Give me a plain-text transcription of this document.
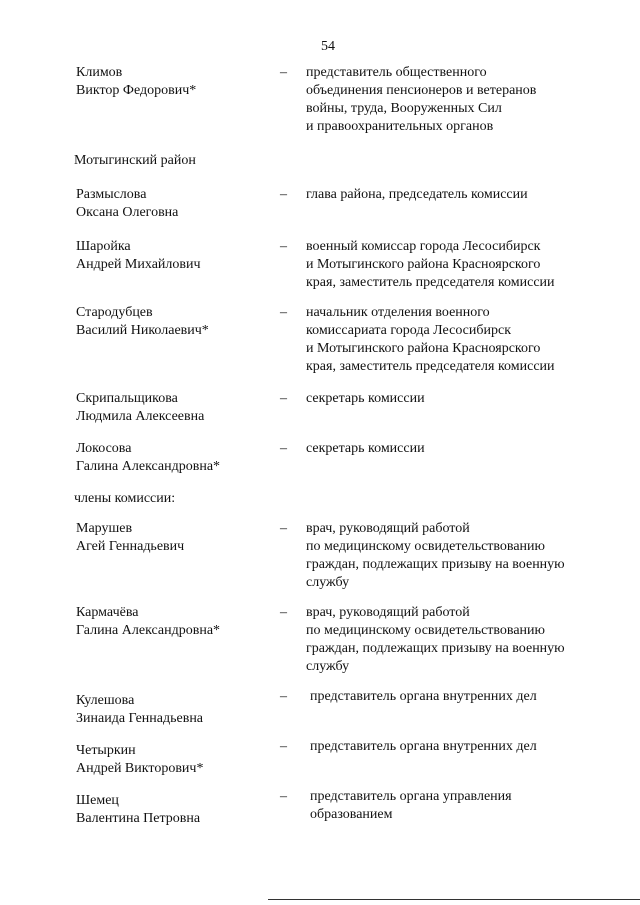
54
Климов
Виктор Федорович*
– представитель общественного
объединения пенсионеров и ветеранов
войны, труда, Вооруженных Сил
и правоохранительных органов
Мотыгинский район
Размыслова
Оксана Олеговна
– глава района, председатель комиссии
Шаройка
Андрей Михайлович
– военный комиссар города Лесосибирск
и Мотыгинского района Красноярского
края, заместитель председателя комиссии
Стародубцев
Василий Николаевич*
– начальник отделения военного
комиссариата города Лесосибирск
и Мотыгинского района Красноярского
края, заместитель председателя комиссии
Скрипальщикова
Людмила Алексеевна
– секретарь комиссии
Локосова
Галина Александровна*
– секретарь комиссии
члены комиссии:
Марушев
Агей Геннадьевич
– врач, руководящий работой
по медицинскому освидетельствованию
граждан, подлежащих призыву на военную
службу
Кармачёва
Галина Александровна*
– врач, руководящий работой
по медицинскому освидетельствованию
граждан, подлежащих призыву на военную
службу
Кулешова
Зинаида Геннадьевна
– представитель органа внутренних дел
Четыркин
Андрей Викторович*
– представитель органа внутренних дел
Шемец
Валентина Петровна
– представитель органа управления
образованием
